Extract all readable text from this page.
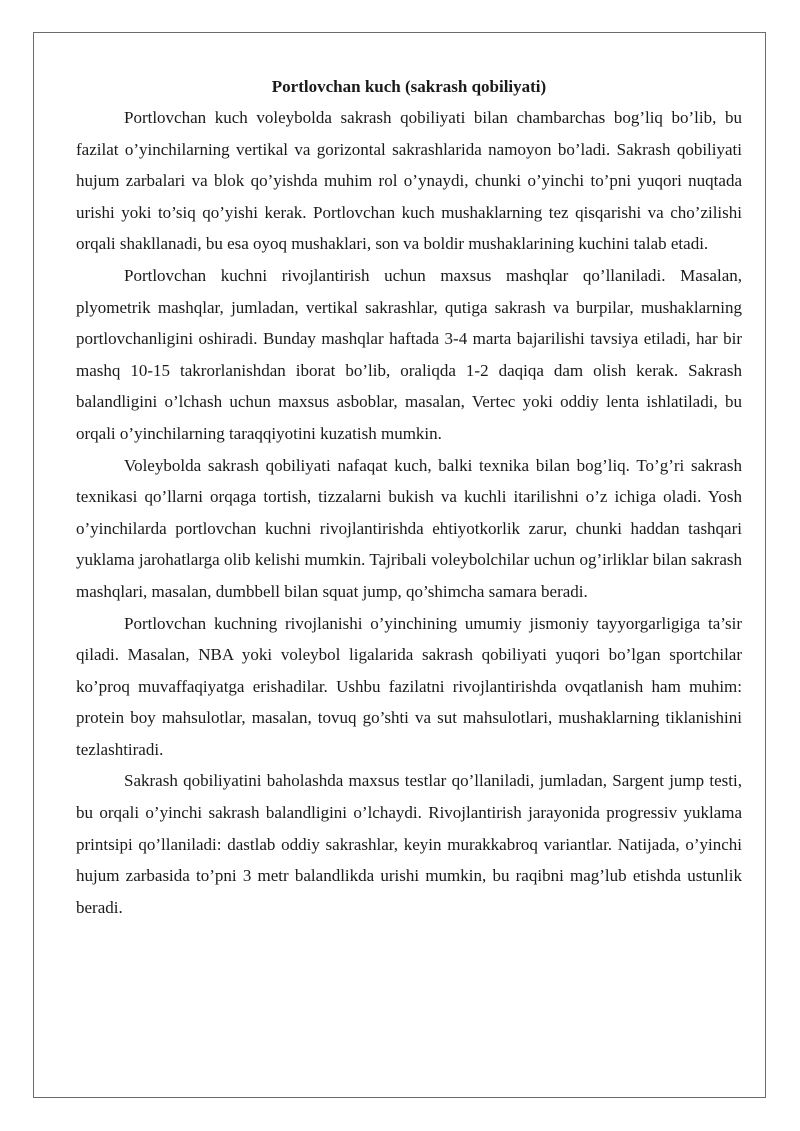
Portlovchan kuch (sakrash qobiliyati)

Portlovchan kuch voleybolda sakrash qobiliyati bilan chambarchas bog’liq bo’lib, bu fazilat o’yinchilarning vertikal va gorizontal sakrashlarida namoyon bo’ladi. Sakrash qobiliyati hujum zarbalari va blok qo’yishda muhim rol o’ynaydi, chunki o’yinchi to’pni yuqori nuqtada urishi yoki to’siq qo’yishi kerak. Portlovchan kuch mushaklarning tez qisqarishi va cho’zilishi orqali shakllanadi, bu esa oyoq mushaklari, son va boldir mushaklarining kuchini talab etadi.

Portlovchan kuchni rivojlantirish uchun maxsus mashqlar qo’llaniladi. Masalan, plyometrik mashqlar, jumladan, vertikal sakrashlar, qutiga sakrash va burpilar, mushaklarning portlovchanligini oshiradi. Bunday mashqlar haftada 3-4 marta bajarilishi tavsiya etiladi, har bir mashq 10-15 takrorlanishdan iborat bo’lib, oraliqda 1-2 daqiqa dam olish kerak. Sakrash balandligini o’lchash uchun maxsus asboblar, masalan, Vertec yoki oddiy lenta ishlatiladi, bu orqali o’yinchilarning taraqqiyotini kuzatish mumkin.

Voleybolda sakrash qobiliyati nafaqat kuch, balki texnika bilan bog’liq. To’g’ri sakrash texnikasi qo’llarni orqaga tortish, tizzalarni bukish va kuchli itarilishni o’z ichiga oladi. Yosh o’yinchilarda portlovchan kuchni rivojlantirishda ehtiyotkorlik zarur, chunki haddan tashqari yuklama jarohatlarga olib kelishi mumkin. Tajribali voleybolchilar uchun og’irliklar bilan sakrash mashqlari, masalan, dumbbell bilan squat jump, qo’shimcha samara beradi.

Portlovchan kuchning rivojlanishi o’yinchining umumiy jismoniy tayyorgarligiga ta’sir qiladi. Masalan, NBA yoki voleybol ligalarida sakrash qobiliyati yuqori bo’lgan sportchilar ko’proq muvaffaqiyatga erishadilar. Ushbu fazilatni rivojlantirishda ovqatlanish ham muhim: protein boy mahsulotlar, masalan, tovuq go’shti va sut mahsulotlari, mushaklarning tiklanishini tezlashtiradi.

Sakrash qobiliyatini baholashda maxsus testlar qo’llaniladi, jumladan, Sargent jump testi, bu orqali o’yinchi sakrash balandligini o’lchaydi. Rivojlantirish jarayonida progressiv yuklama printsipi qo’llaniladi: dastlab oddiy sakrashlar, keyin murakkabroq variantlar. Natijada, o’yinchi hujum zarbasida to’pni 3 metr balandlikda urishi mumkin, bu raqibni mag’lub etishda ustunlik beradi.
